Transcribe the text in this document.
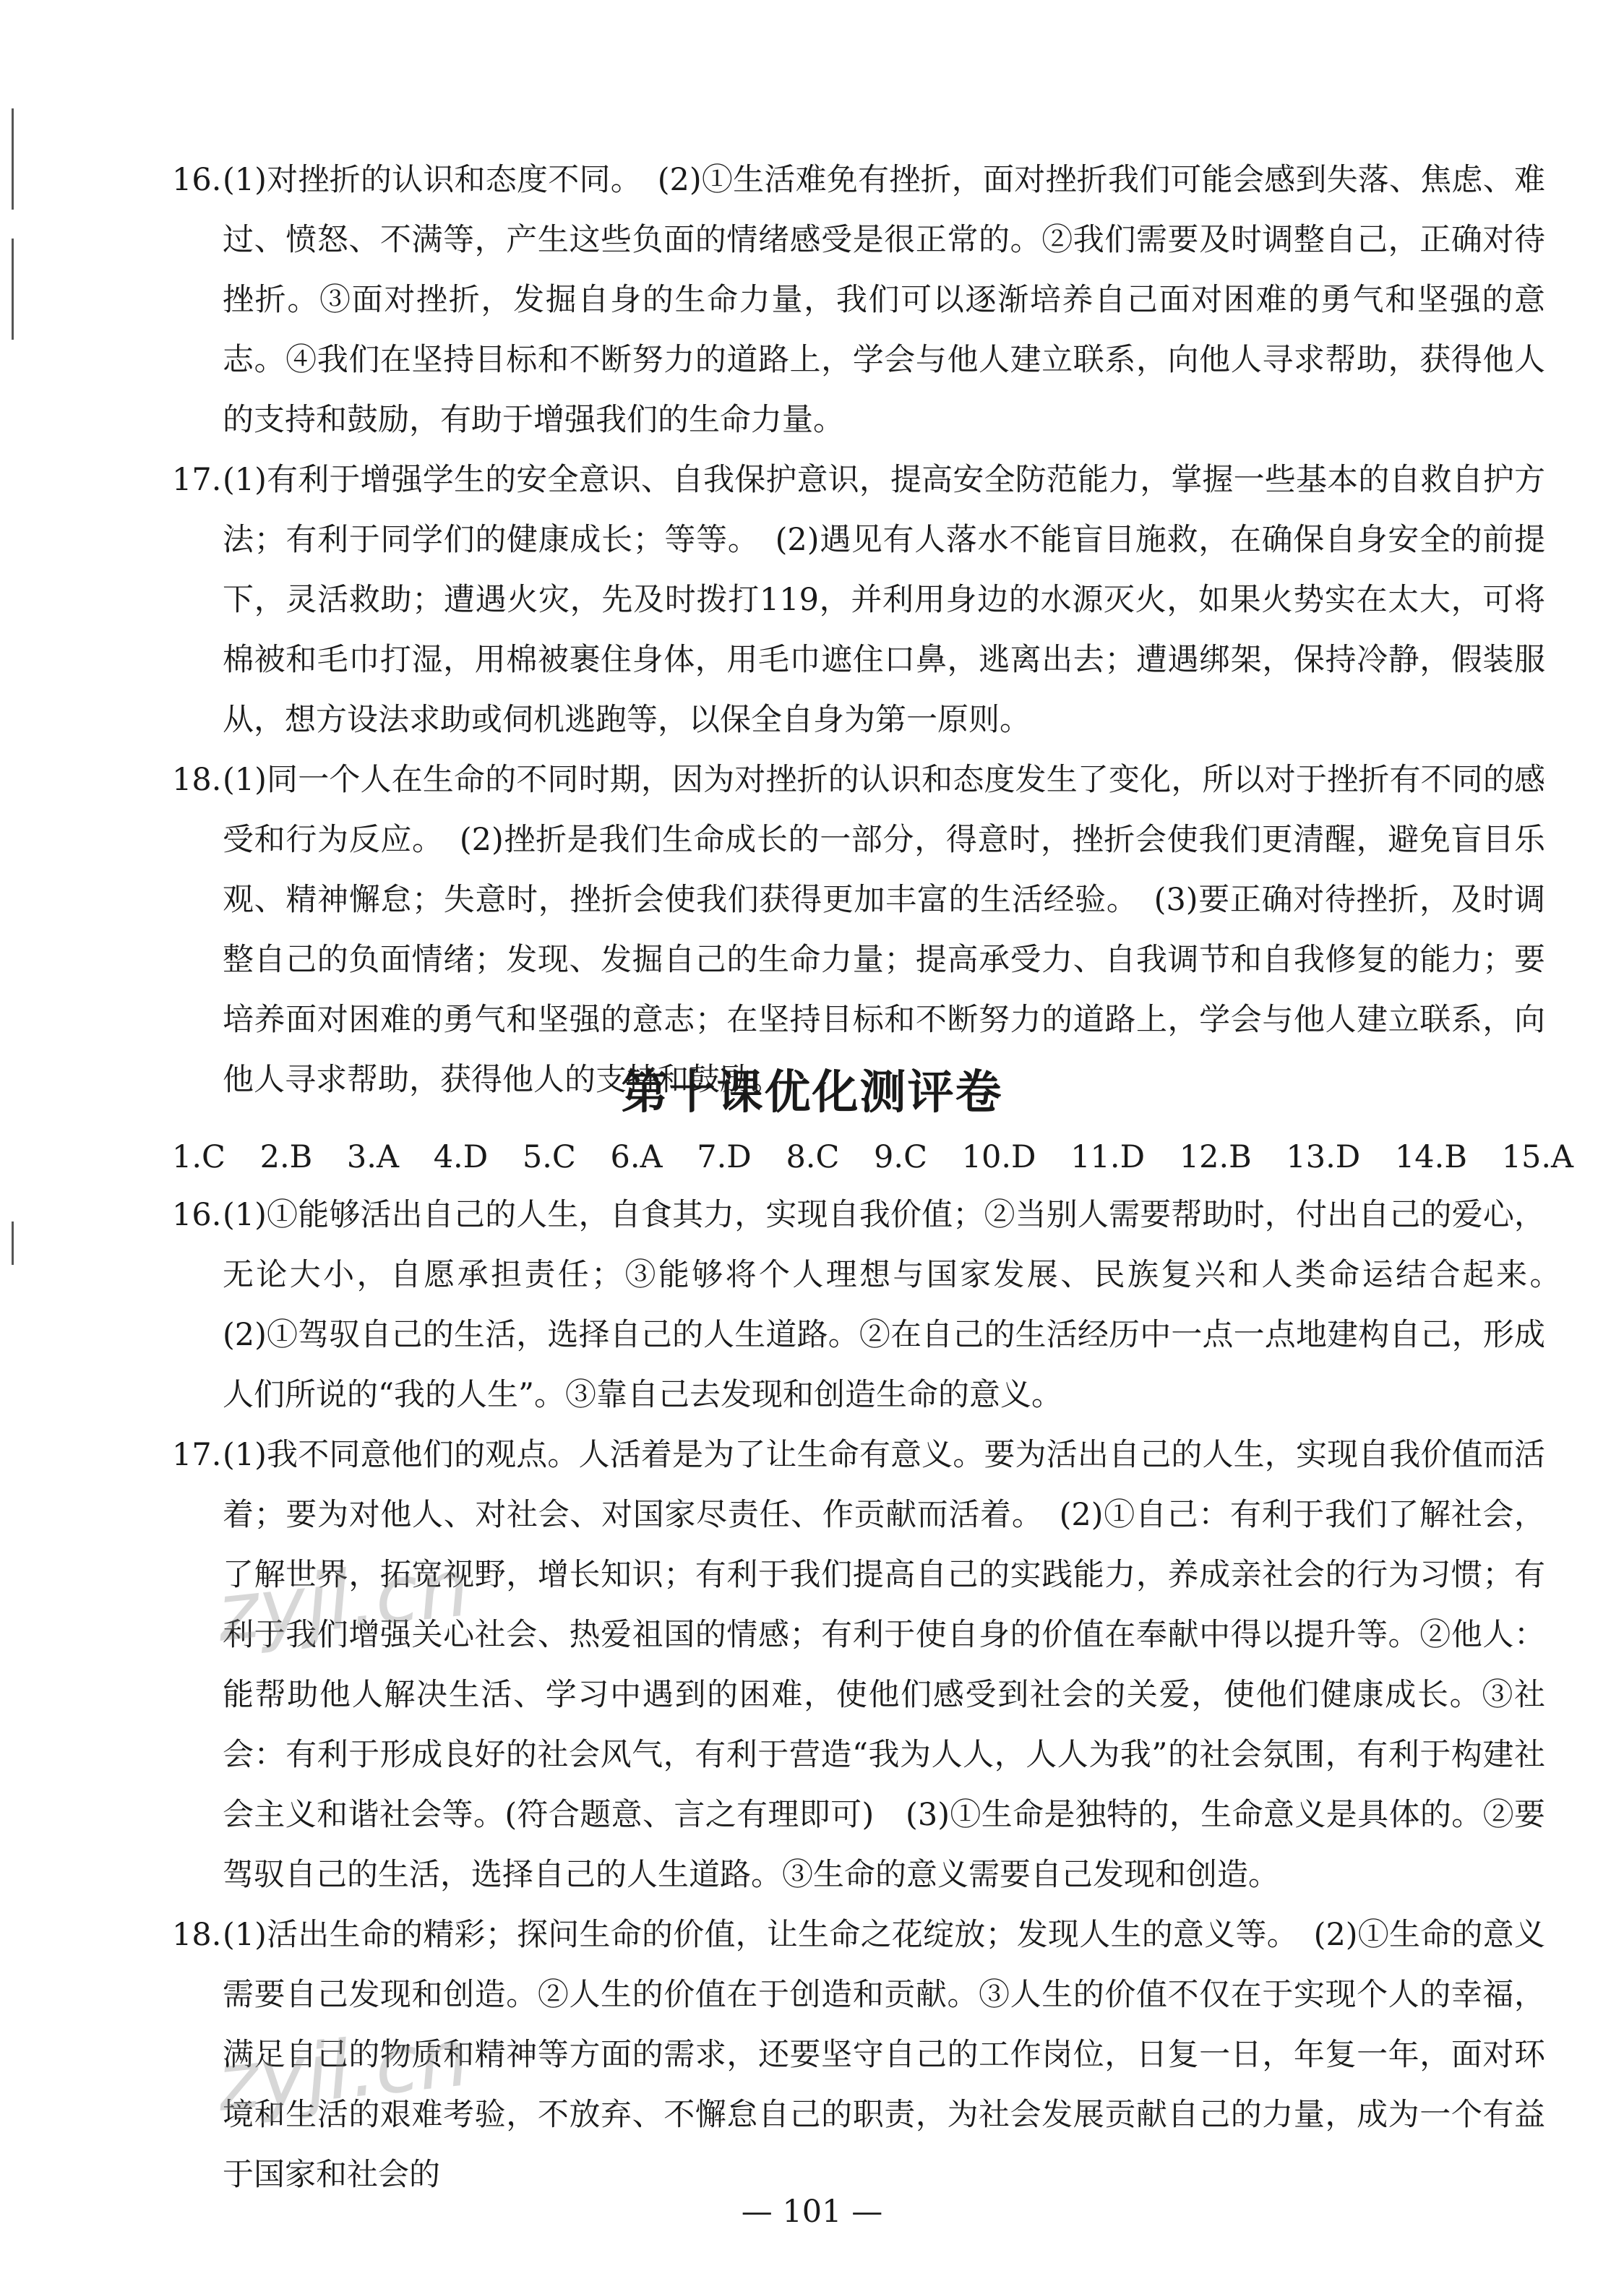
16. (1)对挫折的认识和态度不同。　(2)①生活难免有挫折，面对挫折我们可能会感到失落、焦虑、难过、愤怒、不满等，产生这些负面的情绪感受是很正常的。②我们需要及时调整自己，正确对待挫折。③面对挫折，发掘自身的生命力量，我们可以逐渐培养自己面对困难的勇气和坚强的意志。④我们在坚持目标和不断努力的道路上，学会与他人建立联系，向他人寻求帮助，获得他人的支持和鼓励，有助于增强我们的生命力量。
17. (1)有利于增强学生的安全意识、自我保护意识，提高安全防范能力，掌握一些基本的自救自护方法；有利于同学们的健康成长；等等。　(2)遇见有人落水不能盲目施救，在确保自身安全的前提下，灵活救助；遭遇火灾，先及时拨打119，并利用身边的水源灭火，如果火势实在太大，可将棉被和毛巾打湿，用棉被裹住身体，用毛巾遮住口鼻，逃离出去；遭遇绑架，保持冷静，假装服从，想方设法求助或伺机逃跑等，以保全自身为第一原则。
18. (1)同一个人在生命的不同时期，因为对挫折的认识和态度发生了变化，所以对于挫折有不同的感受和行为反应。　(2)挫折是我们生命成长的一部分，得意时，挫折会使我们更清醒，避免盲目乐观、精神懈怠；失意时，挫折会使我们获得更加丰富的生活经验。　(3)要正确对待挫折，及时调整自己的负面情绪；发现、发掘自己的生命力量；提高承受力、自我调节和自我修复的能力；要培养面对困难的勇气和坚强的意志；在坚持目标和不断努力的道路上，学会与他人建立联系，向他人寻求帮助，获得他人的支持和鼓励。
第十课优化测评卷
1.C 2.B 3.A 4.D 5.C 6.A 7.D 8.C 9.C 10.D 11.D 12.B 13.D 14.B 15.A
16. (1)①能够活出自己的人生，自食其力，实现自我价值；②当别人需要帮助时，付出自己的爱心，无论大小，自愿承担责任；③能够将个人理想与国家发展、民族复兴和人类命运结合起来。　(2)①驾驭自己的生活，选择自己的人生道路。②在自己的生活经历中一点一点地建构自己，形成人们所说的“我的人生”。③靠自己去发现和创造生命的意义。
17. (1)我不同意他们的观点。人活着是为了让生命有意义。要为活出自己的人生，实现自我价值而活着；要为对他人、对社会、对国家尽责任、作贡献而活着。　(2)①自己：有利于我们了解社会，了解世界，拓宽视野，增长知识；有利于我们提高自己的实践能力，养成亲社会的行为习惯；有利于我们增强关心社会、热爱祖国的情感；有利于使自身的价值在奉献中得以提升等。②他人：能帮助他人解决生活、学习中遇到的困难，使他们感受到社会的关爱，使他们健康成长。③社会：有利于形成良好的社会风气，有利于营造“我为人人，人人为我”的社会氛围，有利于构建社会主义和谐社会等。(符合题意、言之有理即可)　(3)①生命是独特的，生命意义是具体的。②要驾驭自己的生活，选择自己的人生道路。③生命的意义需要自己发现和创造。
18. (1)活出生命的精彩；探问生命的价值，让生命之花绽放；发现人生的意义等。　(2)①生命的意义需要自己发现和创造。②人生的价值在于创造和贡献。③人生的价值不仅在于实现个人的幸福，满足自己的物质和精神等方面的需求，还要坚守自己的工作岗位，日复一日，年复一年，面对环境和生活的艰难考验，不放弃、不懈怠自己的职责，为社会发展贡献自己的力量，成为一个有益于国家和社会的
zyjl.cn
zyjl.cn
— 101 —
